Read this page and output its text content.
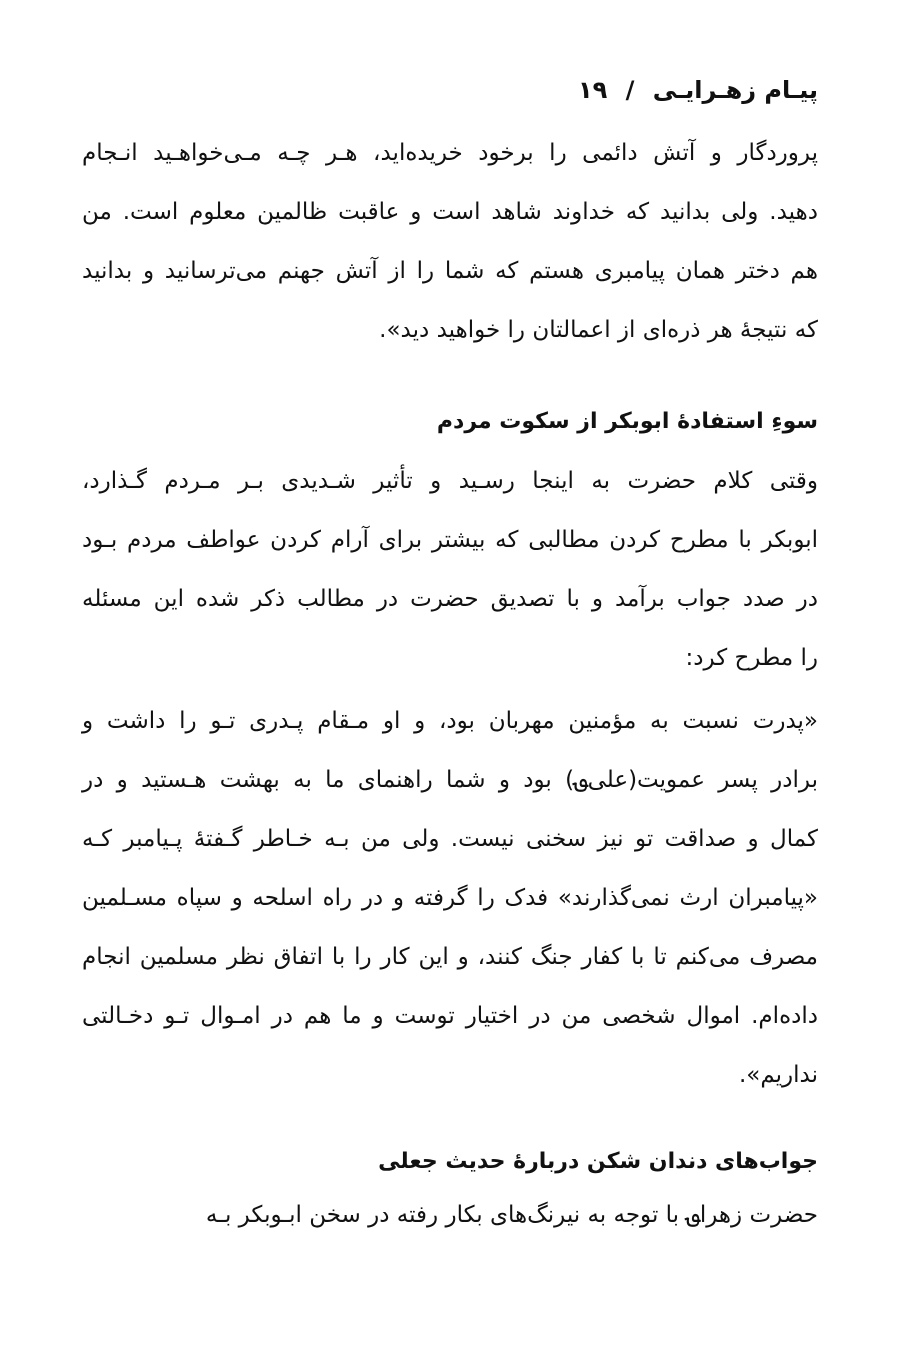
پیـام زهـرایـی / ۱۹

پروردگار و آتش دائمی را برخود خریده‌اید، هـر چـه مـی‌خواهـید انـجام
دهید. ولی بدانید که خداوند شاهد است و عاقبت ظالمین معلوم است. من
هم دختر همان پیامبری هستم که شما را از آتش جهنم می‌ترسانید و بدانید
که نتیجهٔ هر ذره‌ای از اعمالتان را خواهید دید».

سوءِ استفادهٔ ابوبکر از سکوت مردم

وقتی کلام حضرت به اینجا رسـید و تأثیر شـدیدی بـر مـردم گـذارد،
ابوبکر با مطرح کردن مطالبی که بیشتر برای آرام کردن عواطف مردم بـود
در صدد جواب برآمد و با تصدیق حضرت در مطالب ذکر شده این مسئله
را مطرح کرد:

«پدرت نسبت به مؤمنین مهربان بود، و او مـقام پـدری تـو را داشت و
برادر پسر عمویت(علی‌؈) بود و شما راهنمای ما به بهشت هـستید و در
کمال و صداقت تو نیز سخنی نیست. ولی من بـه خـاطر گـفتهٔ پـیامبر کـه
«پیامبران ارث نمی‌گذارند» فدک را گرفته و در راه اسلحه و سپاه مسـلمین
مصرف می‌کنم تا با کفار جنگ کنند، و این کار را با اتفاق نظر مسلمین انجام
داده‌ام. اموال شخصی من در اختیار توست و ما هم در امـوال تـو دخـالتی
نداریم».

جواب‌های دندان شکن دربارهٔ حدیث جعلی

حضرت زهرا؈ با توجه به نیرنگ‌های بکار رفته در سخن ابـوبکر بـه
